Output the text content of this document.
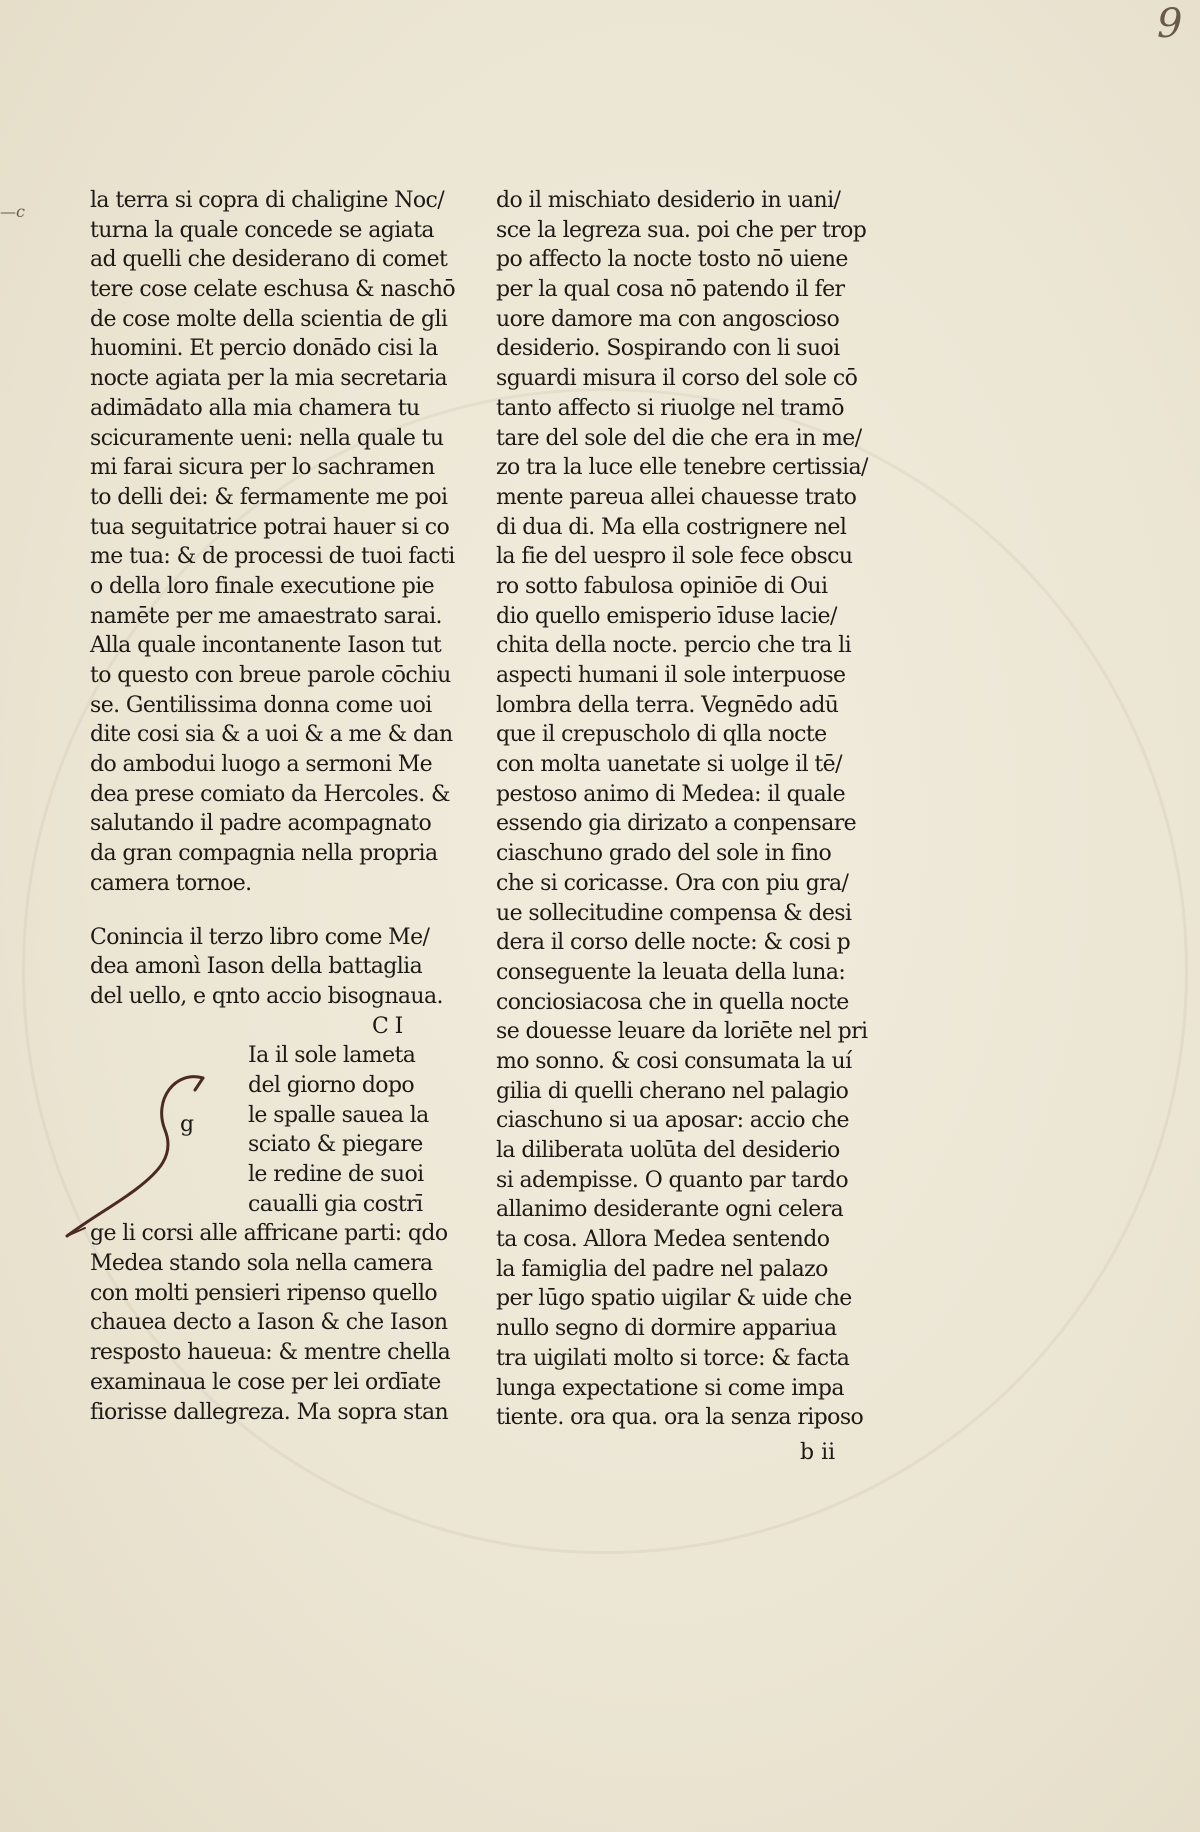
9
—c	la terra si copra di chaligine Noc/
turna la quale concede se agiata
ad quelli che desiderano di comet
tere cose celate eschusa & naschō
de cose molte della scientia de gli
huomini. Et percio donādo cisi la
nocte agiata per la mia secretaria
adimādato alla mia chamera tu
scicuramente ueni: nella quale tu
mi farai sicura per lo sachramen
to delli dei: & fermamente me poi
tua seguitatrice potrai hauer si co
me tua: & de processi de tuoi facti
o della loro finale executione pie
namēte per me amaestrato sarai.
Alla quale incontanente Iason tut
to questo con breue parole cōchiu
se. Gentilissima donna come uoi
dite cosi sia & a uoi & a me & dan
do ambodui luogo a sermoni Me
dea prese comiato da Hercoles. &
salutando il padre acompagnato
da gran compagnia nella propria
camera tornoe.
Conincia il terzo libro come Me/
dea amonì Iason della battaglia
del uello, e qnto accio bisognaua.
C I
Ia il sole lameta
del giorno dopo
le spalle sauea la
sciato & piegare
le redine de suoi
caualli gia costrī
ge li corsi alle affricane parti: qdo
Medea stando sola nella camera
con molti pensieri ripenso quello
chauea decto a Iason & che Iason
resposto haueua: & mentre chella
examinaua le cose per lei ordīate
fiorisse dallegreza. Ma sopra stan
g
do il mischiato desiderio in uani/
sce la legreza sua. poi che per trop
po affecto la nocte tosto nō uiene
per la qual cosa nō patendo il fer
uore damore ma con angoscioso
desiderio. Sospirando con li suoi
sguardi misura il corso del sole cō
tanto affecto si riuolge nel tramō
tare del sole del die che era in me/
zo tra la luce elle tenebre certissia/
mente pareua allei chauesse trato
di dua di. Ma ella costrignere nel
la fie del uespro il sole fece obscu
ro sotto fabulosa opiniōe di Oui
dio quello emisperio īduse lacie/
chita della nocte. percio che tra li
aspecti humani il sole interpuose
lombra della terra. Vegnēdo adū
que il crepuscholo di qlla nocte
con molta uanetate si uolge il tē/
pestoso animo di Medea: il quale
essendo gia dirizato a conpensare
ciaschuno grado del sole in fino
che si coricasse. Ora con piu gra/
ue sollecitudine compensa & desi
dera il corso delle nocte: & cosi p
conseguente la leuata della luna:
conciosiacosa che in quella nocte
se douesse leuare da loriēte nel pri
mo sonno. & cosi consumata la uí
gilia di quelli cherano nel palagio
ciaschuno si ua aposar: accio che
la diliberata uolūta del desiderio
si adempisse. O quanto par tardo
allanimo desiderante ogni celera
ta cosa. Allora Medea sentendo
la famiglia del padre nel palazo
per lūgo spatio uigilar & uide che
nullo segno di dormire appariua
tra uigilati molto si torce: & facta
lunga expectatione si come impa
tiente. ora qua. ora la senza riposo
b ii
